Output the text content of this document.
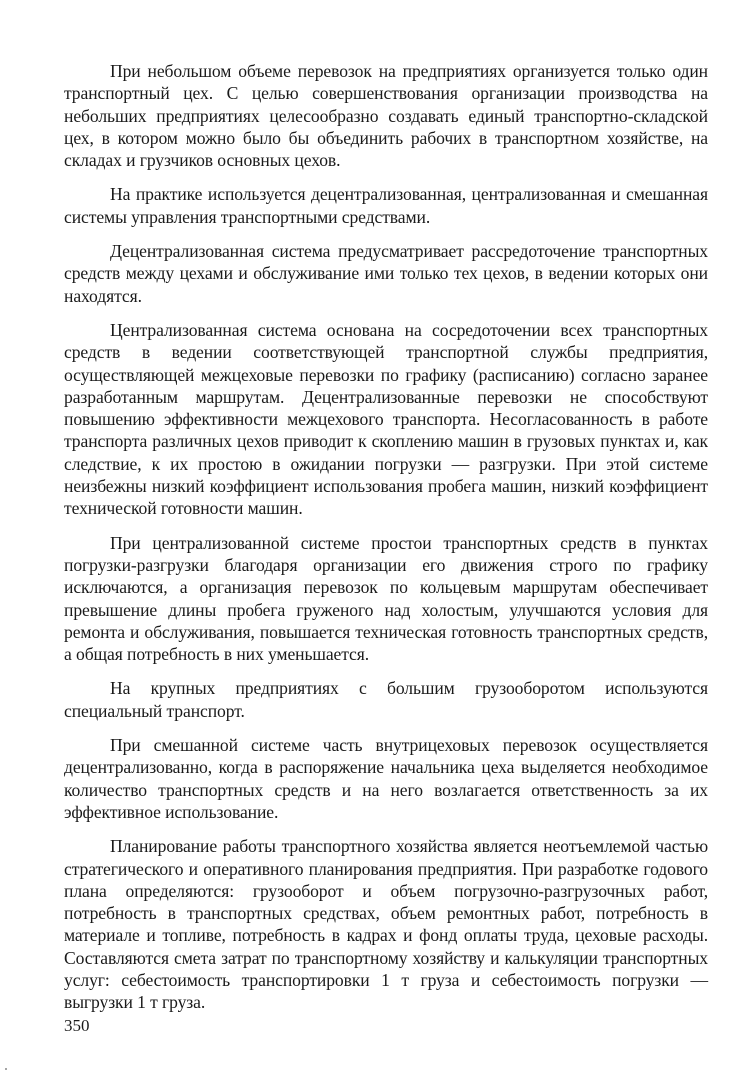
При небольшом объеме перевозок на предприятиях организуется только один транспортный цех. С целью совершенствования организации производства на небольших предприятиях целесообразно создавать единый транспортно-складской цех, в котором можно было бы объединить рабочих в транспортном хозяйстве, на складах и грузчиков основных цехов.

На практике используется децентрализованная, централизованная и смешанная системы управления транспортными средствами.

Децентрализованная система предусматривает рассредоточение транспортных средств между цехами и обслуживание ими только тех цехов, в ведении которых они находятся.

Централизованная система основана на сосредоточении всех транспортных средств в ведении соответствующей транспортной службы предприятия, осуществляющей межцеховые перевозки по графику (расписанию) согласно заранее разработанным маршрутам. Децентрализованные перевозки не способствуют повышению эффективности межцехового транспорта. Несогласованность в работе транспорта различных цехов приводит к скоплению машин в грузовых пунктах и, как следствие, к их простою в ожидании погрузки — разгрузки. При этой системе неизбежны низкий коэффициент использования пробега машин, низкий коэффициент технической готовности машин.

При централизованной системе простои транспортных средств в пунктах погрузки-разгрузки благодаря организации его движения строго по графику исключаются, а организация перевозок по кольцевым маршрутам обеспечивает превышение длины пробега груженого над холостым, улучшаются условия для ремонта и обслуживания, повышается техническая готовность транспортных средств, а общая потребность в них уменьшается.

На крупных предприятиях с большим грузооборотом используются специальный транспорт.

При смешанной системе часть внутрицеховых перевозок осуществляется децентрализованно, когда в распоряжение начальника цеха выделяется необходимое количество транспортных средств и на него возлагается ответственность за их эффективное использование.

Планирование работы транспортного хозяйства является неотъемлемой частью стратегического и оперативного планирования предприятия. При разработке годового плана определяются: грузооборот и объем погрузочно-разгрузочных работ, потребность в транспортных средствах, объем ремонтных работ, потребность в материале и топливе, потребность в кадрах и фонд оплаты труда, цеховые расходы. Составляются смета затрат по транспортному хозяйству и калькуляции транспортных услуг: себестоимость транспортировки 1 т груза и себестоимость погрузки — выгрузки 1 т груза.

350
